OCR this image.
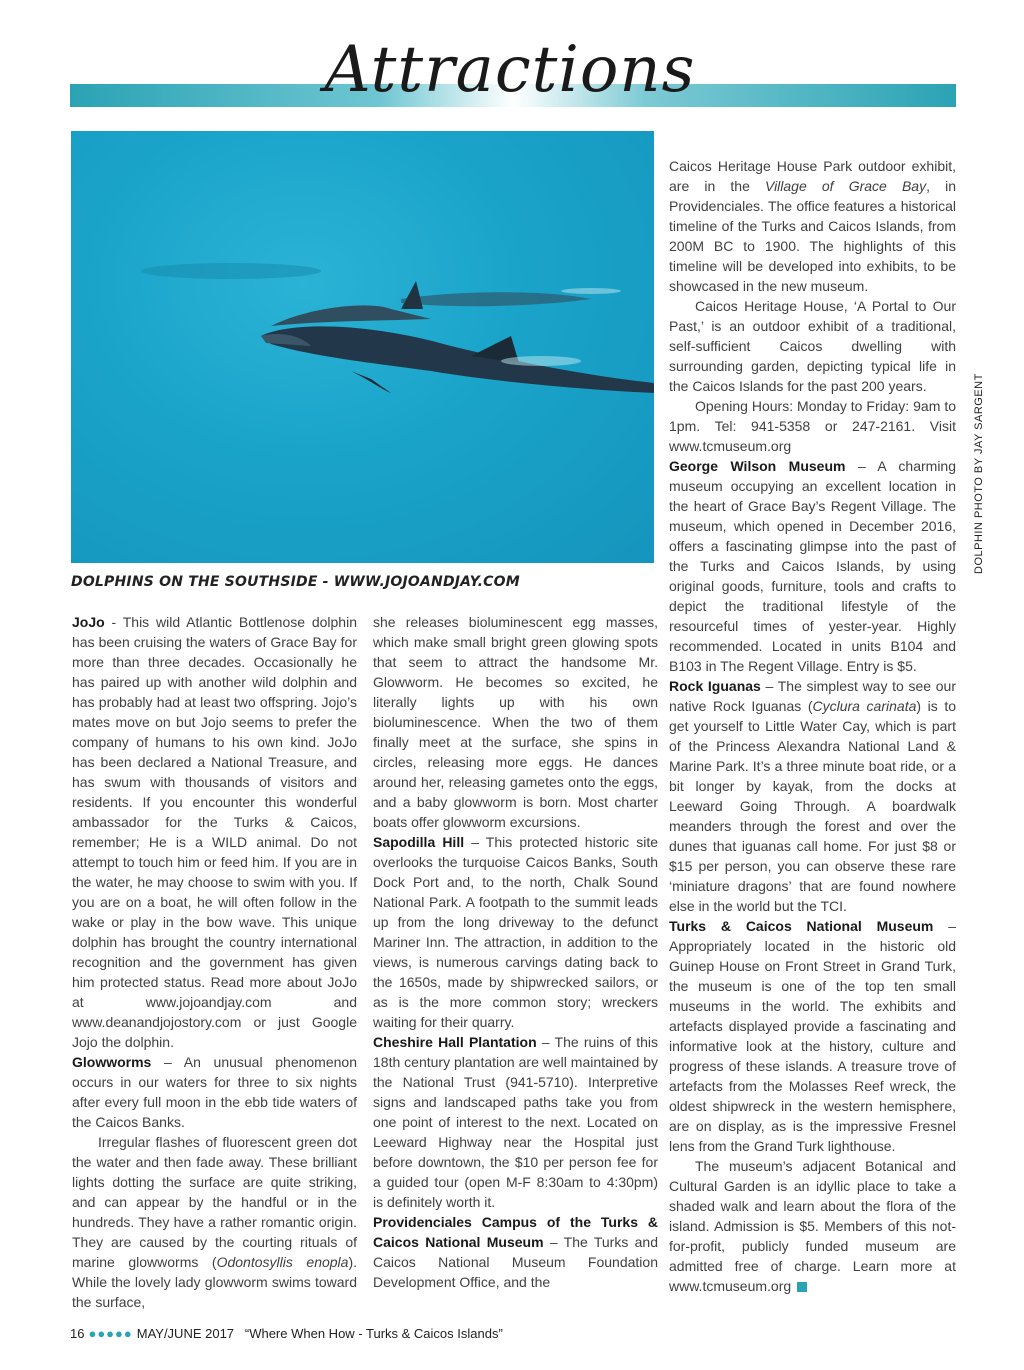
Attractions
DOLPHINS ON THE SOUTHSIDE - WWW.JOJOANDJAY.COM
DOLPHIN PHOTO BY JAY SARGENT

JoJo - This wild Atlantic Bottlenose dolphin has been cruising the waters of Grace Bay for more than three decades. Occasionally he has paired up with another wild dolphin and has probably had at least two offspring. Jojo’s mates move on but Jojo seems to prefer the company of humans to his own kind. JoJo has been declared a National Treasure, and has swum with thousands of visitors and residents. If you encounter this wonderful ambassador for the Turks & Caicos, remember; He is a WILD animal. Do not attempt to touch him or feed him. If you are in the water, he may choose to swim with you. If you are on a boat, he will often follow in the wake or play in the bow wave. This unique dolphin has brought the country international recognition and the government has given him protected status. Read more about JoJo at www.jojoandjay.com and www.deanandjojostory.com or just Google Jojo the dolphin.

Glowworms – An unusual phenomenon occurs in our waters for three to six nights after every full moon in the ebb tide waters of the Caicos Banks.

Irregular flashes of fluorescent green dot the water and then fade away. These brilliant lights dotting the surface are quite striking, and can appear by the handful or in the hundreds. They have a rather romantic origin. They are caused by the courting rituals of marine glowworms (Odontosyllis enopla). While the lovely lady glowworm swims toward the surface,

she releases bioluminescent egg masses, which make small bright green glowing spots that seem to attract the handsome Mr. Glowworm. He becomes so excited, he literally lights up with his own bioluminescence. When the two of them finally meet at the surface, she spins in circles, releasing more eggs. He dances around her, releasing gametes onto the eggs, and a baby glowworm is born. Most charter boats offer glowworm excursions.

Sapodilla Hill – This protected historic site overlooks the turquoise Caicos Banks, South Dock Port and, to the north, Chalk Sound National Park. A footpath to the summit leads up from the long driveway to the defunct Mariner Inn. The attraction, in addition to the views, is numerous carvings dating back to the 1650s, made by shipwrecked sailors, or as is the more common story; wreckers waiting for their quarry.

Cheshire Hall Plantation – The ruins of this 18th century plantation are well maintained by the National Trust (941-5710). Interpretive signs and landscaped paths take you from one point of interest to the next. Located on Leeward Highway near the Hospital just before downtown, the $10 per person fee for a guided tour (open M-F 8:30am to 4:30pm) is definitely worth it.

Providenciales Campus of the Turks & Caicos National Museum – The Turks and Caicos National Museum Foundation Development Office, and the

Caicos Heritage House Park outdoor exhibit, are in the Village of Grace Bay, in Providenciales. The office features a historical timeline of the Turks and Caicos Islands, from 200M BC to 1900. The highlights of this timeline will be developed into exhibits, to be showcased in the new museum.

Caicos Heritage House, ‘A Portal to Our Past,’ is an outdoor exhibit of a traditional, self-sufficient Caicos dwelling with surrounding garden, depicting typical life in the Caicos Islands for the past 200 years.

Opening Hours: Monday to Friday: 9am to 1pm. Tel: 941-5358 or 247-2161. Visit www.tcmuseum.org

George Wilson Museum – A charming museum occupying an excellent location in the heart of Grace Bay’s Regent Village. The museum, which opened in December 2016, offers a fascinating glimpse into the past of the Turks and Caicos Islands, by using original goods, furniture, tools and crafts to depict the traditional lifestyle of the resourceful times of yester-year. Highly recommended. Located in units B104 and B103 in The Regent Village. Entry is $5.

Rock Iguanas – The simplest way to see our native Rock Iguanas (Cyclura carinata) is to get yourself to Little Water Cay, which is part of the Princess Alexandra National Land & Marine Park. It’s a three minute boat ride, or a bit longer by kayak, from the docks at Leeward Going Through. A boardwalk meanders through the forest and over the dunes that iguanas call home. For just $8 or $15 per person, you can observe these rare ‘miniature dragons’ that are found nowhere else in the world but the TCI.

Turks & Caicos National Museum – Appropriately located in the historic old Guinep House on Front Street in Grand Turk, the museum is one of the top ten small museums in the world. The exhibits and artefacts displayed provide a fascinating and informative look at the history, culture and progress of these islands. A treasure trove of artefacts from the Molasses Reef wreck, the oldest shipwreck in the western hemisphere, are on display, as is the impressive Fresnel lens from the Grand Turk lighthouse.

The museum’s adjacent Botanical and Cultural Garden is an idyllic place to take a shaded walk and learn about the flora of the island. Admission is $5. Members of this not-for-profit, publicly funded museum are admitted free of charge. Learn more at www.tcmuseum.org

16 ●●●●● MAY/JUNE 2017 “Where When How - Turks & Caicos Islands”
